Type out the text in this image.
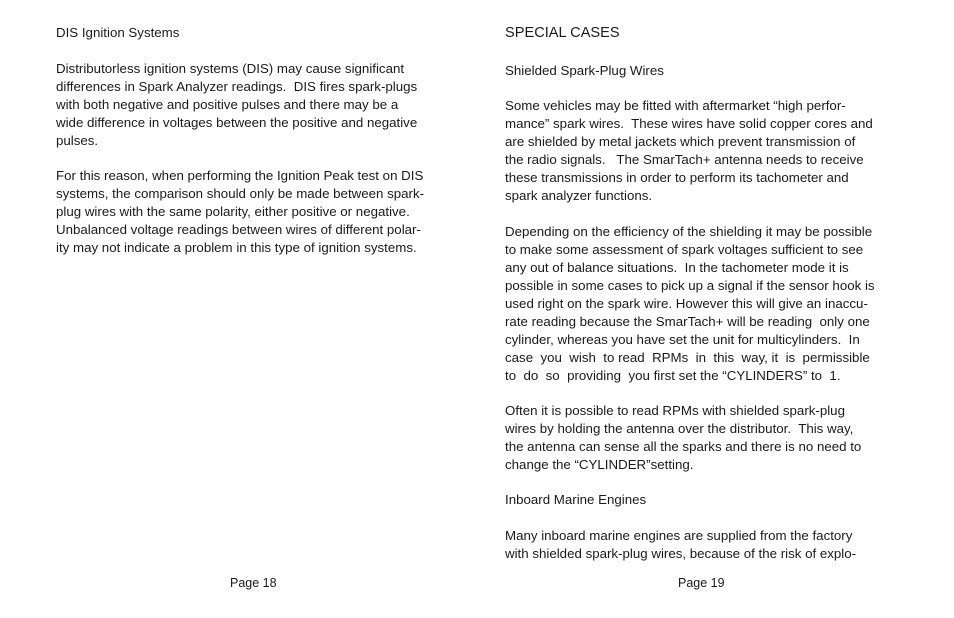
DIS Ignition Systems
Distributorless ignition systems (DIS) may cause significant
differences in Spark Analyzer readings.  DIS fires spark-plugs
with both negative and positive pulses and there may be a
wide difference in voltages between the positive and negative
pulses.
For this reason, when performing the Ignition Peak test on DIS
systems, the comparison should only be made between spark-
plug wires with the same polarity, either positive or negative.
Unbalanced voltage readings between wires of different polar-
ity may not indicate a problem in this type of ignition systems.
Page 18
SPECIAL CASES
Shielded Spark-Plug Wires
Some vehicles may be fitted with aftermarket “high perfor-
mance” spark wires.  These wires have solid copper cores and
are shielded by metal jackets which prevent transmission of
the radio signals.   The SmarTach+ antenna needs to receive
these transmissions in order to perform its tachometer and
spark analyzer functions.
Depending on the efficiency of the shielding it may be possible
to make some assessment of spark voltages sufficient to see
any out of balance situations.  In the tachometer mode it is
possible in some cases to pick up a signal if the sensor hook is
used right on the spark wire. However this will give an inaccu-
rate reading because the SmarTach+ will be reading  only one
cylinder, whereas you have set the unit for multicylinders.  In
case  you  wish  to read  RPMs  in  this  way, it  is  permissible
to  do  so  providing  you first set the “CYLINDERS” to  1.
Often it is possible to read RPMs with shielded spark-plug
wires by holding the antenna over the distributor.  This way,
the antenna can sense all the sparks and there is no need to
change the “CYLINDER”setting.
Inboard Marine Engines
Many inboard marine engines are supplied from the factory
with shielded spark-plug wires, because of the risk of explo-
Page 19
